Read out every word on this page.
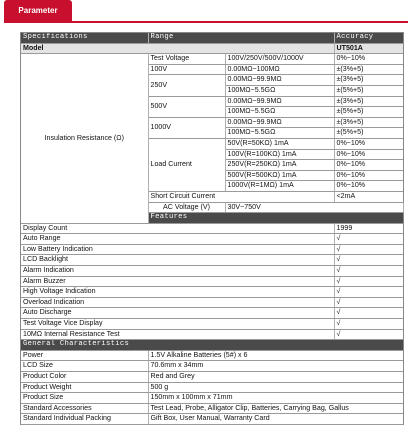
Parameter
Specifications	Range		Accuracy	
Model			UT501A	
Insulation Resistance (Ω)	Test Voltage	100V/250V/500V/1000V	0%~10%	
	100V	0.00MΩ~100MΩ	±(3%+5)	
	250V	0.00MΩ~99.9MΩ	±(3%+5)	
		100MΩ~5.5GΩ	±(5%+5)	
	500V	0.00MΩ~99.9MΩ	±(3%+5)	
		100MΩ~5.5GΩ	±(5%+5)	
	1000V	0.00MΩ~99.9MΩ	±(3%+5)	
		100MΩ~5.5GΩ	±(5%+5)	
	Load Current	50V(R=50KΩ) 1mA	0%~10%	
		100V(R=100KΩ) 1mA	0%~10%	
		250V(R=250KΩ) 1mA	0%~10%	
		500V(R=500KΩ) 1mA	0%~10%	
		1000V(R=1MΩ) 1mA	0%~10%	
	Short Circuit Current		<2mA	
	AC Voltage (V)	30V~750V	
	Features			
Display Count			1999	
Auto Range			√	
Low Battery Indication			√	
LCD Backlight			√	
Alarm Indication			√	
Alarm Buzzer			√	
High Voltage Indication			√	
Overload Indication			√	
Auto Discharge			√	
Test Voltage Vice Display			√	
10MΩ Internal Resistance Test			√	
General Characteristics				
Power	1.5V Alkaline Batteries (5#) x 6			
LCD Size	70.6mm x 34mm			
Product Color	Red and Grey			
Product Weight	500 g			
Product Size	150mm x 100mm x 71mm			
Standard Accessories	Test Lead, Probe, Alligator Clip, Batteries, Carrying Bag, Gallus			
Standard Individual Packing	Gift Box, User Manual, Warranty Card			
